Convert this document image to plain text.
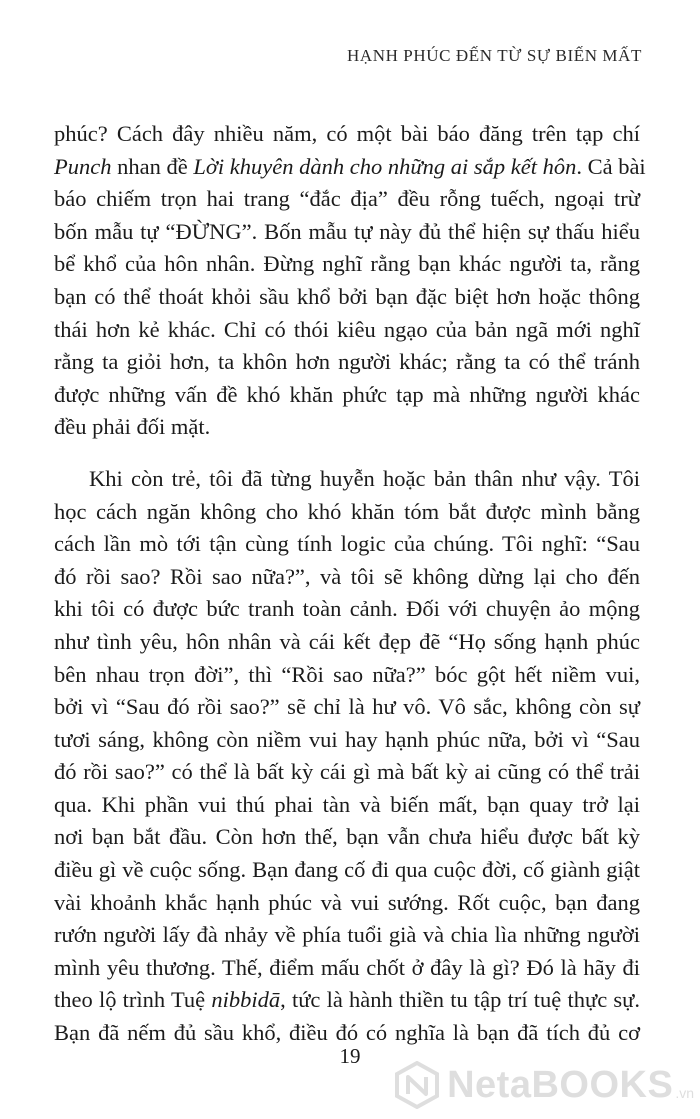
HẠNH PHÚC ĐẾN TỪ SỰ BIẾN MẤT

phúc? Cách đây nhiều năm, có một bài báo đăng trên tạp chí
Punch nhan đề Lời khuyên dành cho những ai sắp kết hôn. Cả bài
báo chiếm trọn hai trang “đắc địa” đều rỗng tuếch, ngoại trừ
bốn mẫu tự “ĐỪNG”. Bốn mẫu tự này đủ thể hiện sự thấu hiểu
bể khổ của hôn nhân. Đừng nghĩ rằng bạn khác người ta, rằng
bạn có thể thoát khỏi sầu khổ bởi bạn đặc biệt hơn hoặc thông
thái hơn kẻ khác. Chỉ có thói kiêu ngạo của bản ngã mới nghĩ
rằng ta giỏi hơn, ta khôn hơn người khác; rằng ta có thể tránh
được những vấn đề khó khăn phức tạp mà những người khác
đều phải đối mặt.

Khi còn trẻ, tôi đã từng huyễn hoặc bản thân như vậy. Tôi
học cách ngăn không cho khó khăn tóm bắt được mình bằng
cách lần mò tới tận cùng tính logic của chúng. Tôi nghĩ: “Sau
đó rồi sao? Rồi sao nữa?”, và tôi sẽ không dừng lại cho đến
khi tôi có được bức tranh toàn cảnh. Đối với chuyện ảo mộng
như tình yêu, hôn nhân và cái kết đẹp đẽ “Họ sống hạnh phúc
bên nhau trọn đời”, thì “Rồi sao nữa?” bóc gột hết niềm vui,
bởi vì “Sau đó rồi sao?” sẽ chỉ là hư vô. Vô sắc, không còn sự
tươi sáng, không còn niềm vui hay hạnh phúc nữa, bởi vì “Sau
đó rồi sao?” có thể là bất kỳ cái gì mà bất kỳ ai cũng có thể trải
qua. Khi phần vui thú phai tàn và biến mất, bạn quay trở lại
nơi bạn bắt đầu. Còn hơn thế, bạn vẫn chưa hiểu được bất kỳ
điều gì về cuộc sống. Bạn đang cố đi qua cuộc đời, cố giành giật
vài khoảnh khắc hạnh phúc và vui sướng. Rốt cuộc, bạn đang
rướn người lấy đà nhảy về phía tuổi già và chia lìa những người
mình yêu thương. Thế, điểm mấu chốt ở đây là gì? Đó là hãy đi
theo lộ trình Tuệ nibbidā, tức là hành thiền tu tập trí tuệ thực sự.
Bạn đã nếm đủ sầu khổ, điều đó có nghĩa là bạn đã tích đủ cơ

19
NetaBOOKS .vn
